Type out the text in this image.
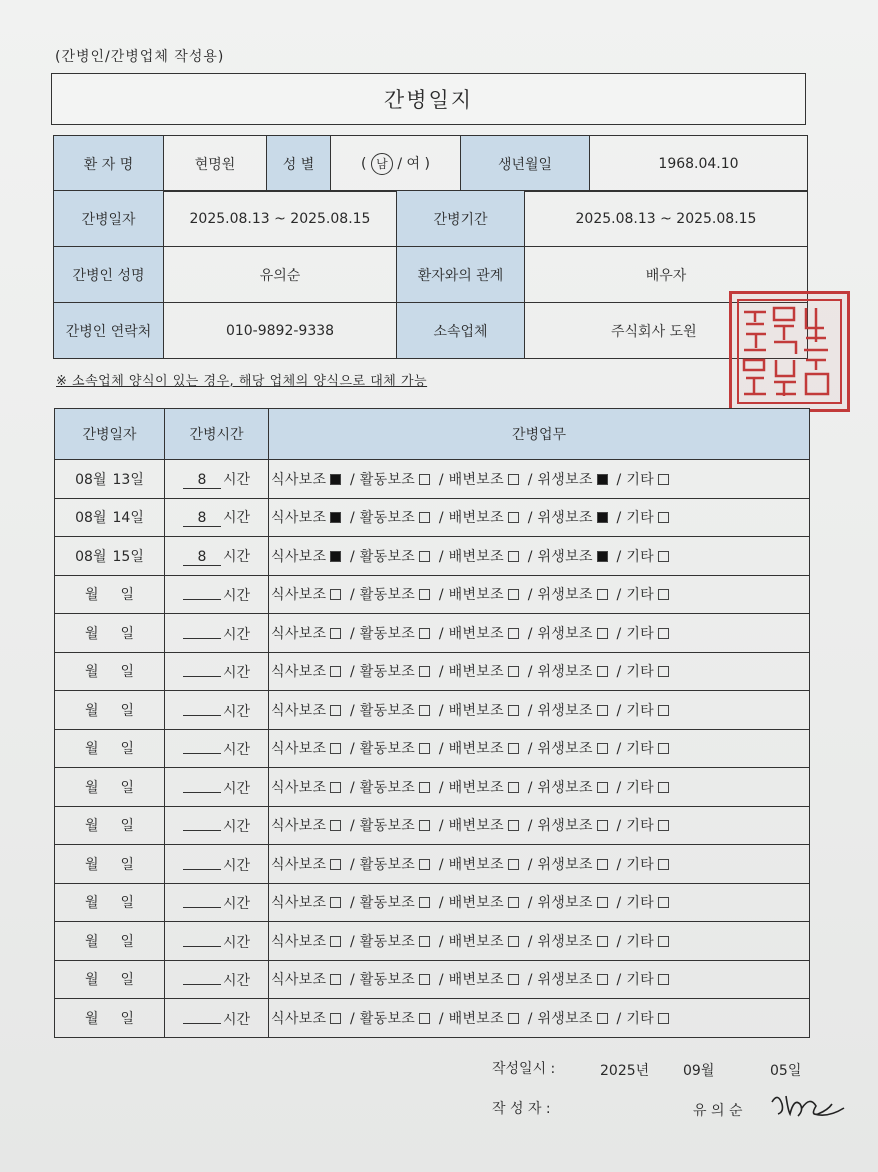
(간병인/간병업체 작성용)
간병일지
환 자 명	현명원	성 별	( 남 / 여 )	생년월일	1968.04.10
간병일자	2025.08.13 ~ 2025.08.15	간병기간	2025.08.13 ~ 2025.08.15
간병인 성명	유의순	환자와의 관계	배우자
간병인 연락처	010-9892-9338	소속업체	주식회사 도원
※ 소속업체 양식이 있는 경우, 해당 업체의 양식으로 대체 가능
간병일자	간병시간	간병업무
08월 13일	8 시간	식사보조 / 활동보조 / 배변보조 / 위생보조 / 기타
08월 14일	8 시간	식사보조 / 활동보조 / 배변보조 / 위생보조 / 기타
08월 15일	8 시간	식사보조 / 활동보조 / 배변보조 / 위생보조 / 기타
월 일	시간	식사보조 / 활동보조 / 배변보조 / 위생보조 / 기타
월 일	시간	식사보조 / 활동보조 / 배변보조 / 위생보조 / 기타
월 일	시간	식사보조 / 활동보조 / 배변보조 / 위생보조 / 기타
월 일	시간	식사보조 / 활동보조 / 배변보조 / 위생보조 / 기타
월 일	시간	식사보조 / 활동보조 / 배변보조 / 위생보조 / 기타
월 일	시간	식사보조 / 활동보조 / 배변보조 / 위생보조 / 기타
월 일	시간	식사보조 / 활동보조 / 배변보조 / 위생보조 / 기타
월 일	시간	식사보조 / 활동보조 / 배변보조 / 위생보조 / 기타
월 일	시간	식사보조 / 활동보조 / 배변보조 / 위생보조 / 기타
월 일	시간	식사보조 / 활동보조 / 배변보조 / 위생보조 / 기타
월 일	시간	식사보조 / 활동보조 / 배변보조 / 위생보조 / 기타
월 일	시간	식사보조 / 활동보조 / 배변보조 / 위생보조 / 기타
작성일시 :	2025년 09월	05일
작 성 자 :	유 의 순
